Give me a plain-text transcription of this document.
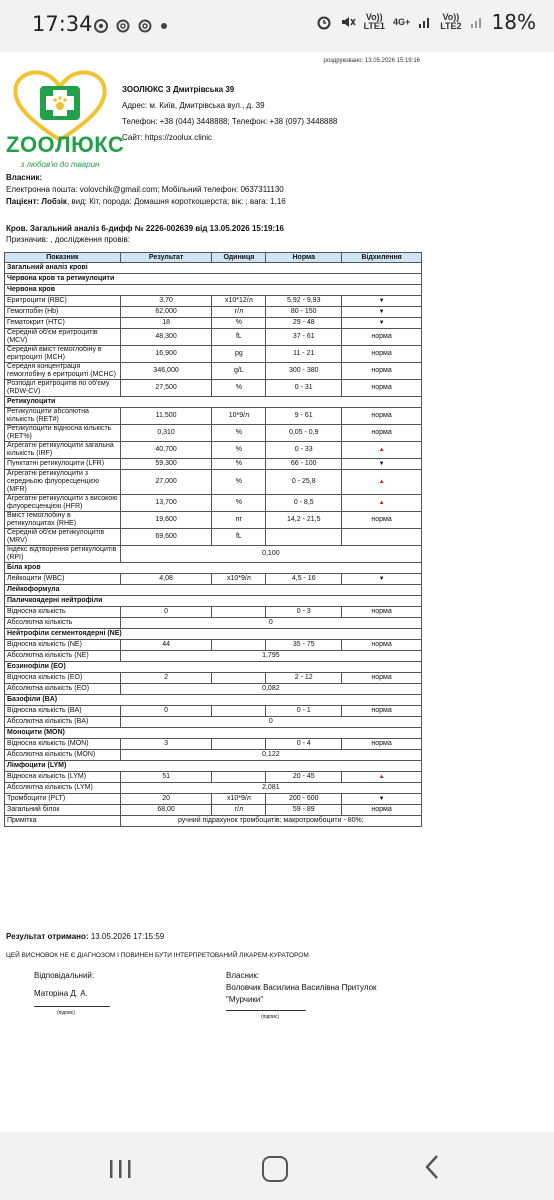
17:34	Vo))
LTE1 4G+	Vo))
LTE2 18%
роздруковано: 13.05.2026 15:19:16
ZOOЛЮКС
з любов'ю до тварин
ЗООЛЮКС З Дмитрівська 39
Адрес: м. Київ, Дмитрівська вул., д. 39
Телефон: +38 (044) 3448888; Телефон: +38 (097) 3448888
Сайт: https://zoolux.clinic
Власник:
Електронна пошта: volovchik@gmail.com; Мобільний телефон: 0637311130
Пацієнт: Лобзік, вид: Кіт, порода: Домашня короткошерста; вік: ; вага: 1,16
Кров. Загальний аналіз 6-дифф № 2226-002639 від 13.05.2026 15:19:16
Призначив: , дослідження провів:
Показник	Результат	Одиниця	Норма	Відхилення
Загальний аналіз крові				
Червона кров та ретикулоцити				
Червона кров				
Еритроцити (RBC)	3,70	x10*12/л	5,92 - 9,93	▼
Гемоглобін (Hb)	62,000	г/л	80 - 150	▼
Гематокрит (HTC)	18	%	29 - 48	▼
Середній об'єм еритроцитів (MCV)	48,300	fL	37 - 61	норма
Середній вміст гемоглобіну в еритроциті (MCH)	16,900	pg	11 - 21	норма
Середня концентрація гемоглобіну в еритроциті (MCHC)	346,000	g/L	300 - 380	норма
Розподіл еритроцитів по об'єму (RDW-CV)	27,500	%	0 - 31	норма
Ретикулоцити				
Ретикулоцити абсолютна кількість (RET#)	11,500	10*9/л	9 - 61	норма
Ретикулоцити відносна кількість (RET%)	0,310	%	0,05 - 0,9	норма
Агрегатні ретикулоцити загальна кількість (IRF)	40,700	%	0 - 33	▲
Пунктатні ретикулоцити (LFR)	59,300	%	66 - 100	▼
Агрегатні ретикулоцити з середньою флуоресценцією (MFR)	27,000	%	0 - 25,8	▲
Агрегатні ретикулоцити з високою флуоресценцією (HFR)	13,700	%	0 - 8,5	▲
Вміст гемоглобіну в ретикулоцитах (RHE)	19,600	пг	14,2 - 21,5	норма
Середній об'єм ретикулоцитів (MRV)	69,600	fL		
Індекс відтворення ретикулоцитів (RPI)	0,100			
Біла кров				
Лейкоцити (WBC)	4,08	x10*9/л	4,5 - 16	▼
Лейкоформула				
Паличкоядерні нейтрофіли				
Відносна кількість	0		0 - 3	норма
Абсолютна кількість	0			
Нейтрофіли сегментоядерні (NE)				
Відносна кількість (NE)	44		35 - 75	норма
Абсолютна кількість (NE)	1,795			
Еозинофіли (EO)				
Відносна кількість (EO)	2		2 - 12	норма
Абсолютна кількість (EO)	0,082			
Базофіли (BA)				
Відносна кількість (BA)	0		0 - 1	норма
Абсолютна кількість (BA)	0			
Моноцити (MON)				
Відносна кількість (MON)	3		0 - 4	норма
Абсолютна кількість (MON)	0,122			
Лімфоцити (LYM)				
Відносна кількість (LYM)	51		20 - 45	▲
Абсолютна кількість (LYM)	2,081			
Тромбоцити (PLT)	20	x10*9/л	200 - 600	▼
Загальний білок	68,00	г/л	59 - 89	норма
Примітка	ручний підрахунок тромбоцитів; макротромбоцити - 80%;			
Результат отримано: 13.05.2026 17:15:59
ЦЕЙ ВИСНОВОК НЕ Є ДІАГНОЗОМ І ПОВИНЕН БУТИ ІНТЕРПРЕТОВАНИЙ ЛІКАРЕМ-КУРАТОРОМ
Відповідальний:
Маторіна Д. А.
(підпис)
Власник:
Воловчик Василина Василівна Притулок
"Мурчики"
(підпис)
